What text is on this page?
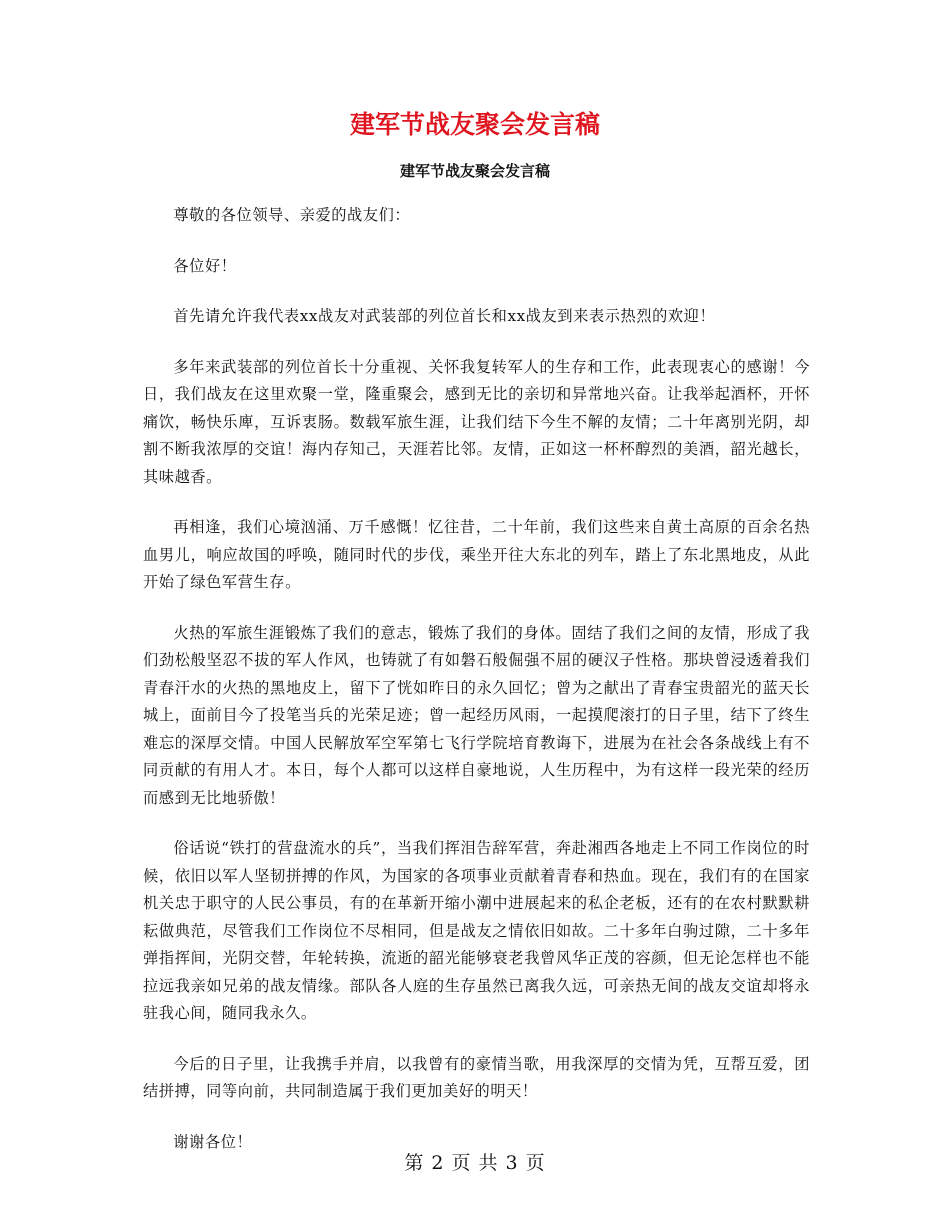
建军节战友聚会发言稿
建军节战友聚会发言稿

尊敬的各位领导、亲爱的战友们：

各位好！

首先请允许我代表xx战友对武装部的列位首长和xx战友到来表示热烈的欢迎！

多年来武装部的列位首长十分重视、关怀我复转军人的生存和工作，此表现衷心的感谢！今日，我们战友在这里欢聚一堂，隆重聚会，感到无比的亲切和异常地兴奋。让我举起酒杯，开怀痛饮，畅快乐庳，互诉衷肠。数载军旅生涯，让我们结下今生不解的友情；二十年离别光阴，却割不断我浓厚的交谊！海内存知己，天涯若比邻。友情，正如这一杯杯醇烈的美酒，韶光越长，其味越香。

再相逢，我们心境汹涌、万千感慨！忆往昔，二十年前，我们这些来自黄土高原的百余名热血男儿，响应故国的呼唤，随同时代的步伐，乘坐开往大东北的列车，踏上了东北黑地皮，从此开始了绿色军营生存。

火热的军旅生涯锻炼了我们的意志，锻炼了我们的身体。固结了我们之间的友情，形成了我们劲松般坚忍不拔的军人作风，也铸就了有如磐石般倔强不屈的硬汉子性格。那块曾浸透着我们青春汗水的火热的黑地皮上，留下了恍如昨日的永久回忆；曾为之献出了青春宝贵韶光的蓝天长城上，面前目今了投笔当兵的光荣足迹；曾一起经历风雨，一起摸爬滚打的日子里，结下了终生难忘的深厚交情。中国人民解放军空军第七飞行学院培育教诲下，进展为在社会各条战线上有不同贡献的有用人才。本日，每个人都可以这样自豪地说，人生历程中，为有这样一段光荣的经历而感到无比地骄傲！

俗话说“铁打的营盘流水的兵”，当我们挥泪告辞军营，奔赴湘西各地走上不同工作岗位的时候，依旧以军人坚韧拼搏的作风，为国家的各项事业贡献着青春和热血。现在，我们有的在国家机关忠于职守的人民公事员，有的在革新开缩小潮中进展起来的私企老板，还有的在农村默默耕耘做典范，尽管我们工作岗位不尽相同，但是战友之情依旧如故。二十多年白驹过隙，二十多年弹指挥间，光阴交替，年轮转换，流逝的韶光能够衰老我曾风华正茂的容颜，但无论怎样也不能拉远我亲如兄弟的战友情缘。部队各人庭的生存虽然已离我久远，可亲热无间的战友交谊却将永驻我心间，随同我永久。

今后的日子里，让我携手并肩，以我曾有的豪情当歌，用我深厚的交情为凭，互帮互爱，团结拼搏，同等向前，共同制造属于我们更加美好的明天！

谢谢各位！

第 2 页 共 3 页
